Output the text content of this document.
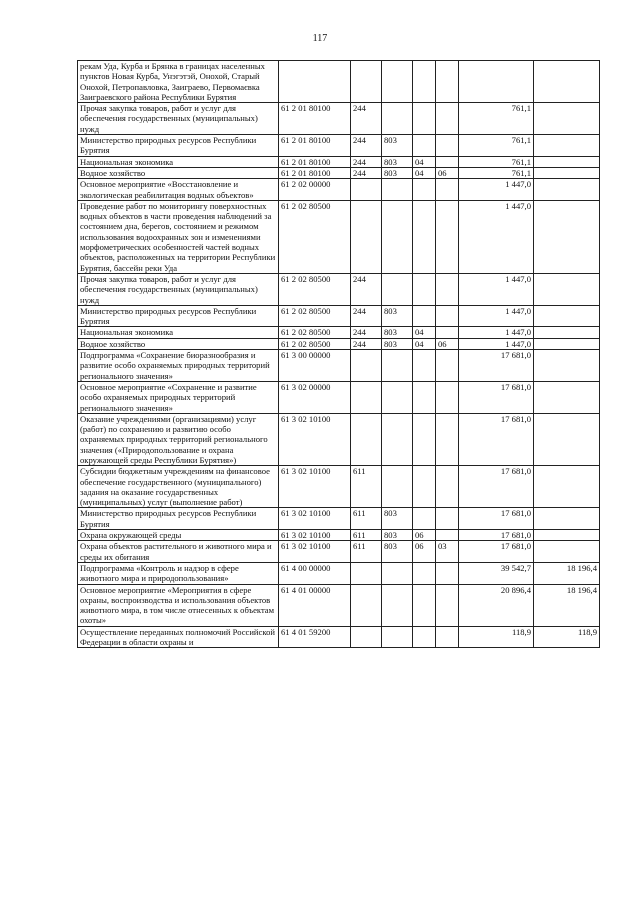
117
рекам Уда, Курба и Брянка в границах населенных пунктов Новая Курба, Унэгэтэй, Онохой, Старый Онохой, Петропавловка, Заиграево, Первомаєвка Заиграевского района Республики Бурятия							
Прочая закупка товаров, работ и услуг для обеспечения государственных (муниципальных) нужд	61 2 01 80100	244				761,1	
Министерство природных ресурсов Республики Бурятия	61 2 01 80100	244	803			761,1	
Национальная экономика	61 2 01 80100	244	803	04		761,1	
Водное хозяйство	61 2 01 80100	244	803	04	06	761,1	
Основное мероприятие «Восстановление и экологическая реабилитация водных объектов»	61 2 02 00000					1 447,0	
Проведение работ по мониторингу поверхностных водных объектов в части проведения наблюдений за состоянием дна, берегов, состоянием и режимом использования водоохранных зон и изменениями морфометрических особенностей частей водных объектов, расположенных на территории Республики Бурятия, бассейн реки Уда	61 2 02 80500					1 447,0	
Прочая закупка товаров, работ и услуг для обеспечения государственных (муниципальных) нужд	61 2 02 80500	244				1 447,0	
Министерство природных ресурсов Республики Бурятия	61 2 02 80500	244	803			1 447,0	
Национальная экономика	61 2 02 80500	244	803	04		1 447,0	
Водное хозяйство	61 2 02 80500	244	803	04	06	1 447,0	
Подпрограмма «Сохранение биоразнообразия и развитие особо охраняемых природных территорий регионального значения»	61 3 00 00000					17 681,0	
Основное мероприятие «Сохранение и развитие особо охраняемых природных территорий регионального значения»	61 3 02 00000					17 681,0	
Оказание учреждениями (организациями) услуг (работ) по сохранению и развитию особо охраняемых природных территорий регионального значения («Природопользование и охрана окружающей среды Республики Бурятия»)	61 3 02 10100					17 681,0	
Субсидии бюджетным учреждениям на финансовое обеспечение государственного (муниципального) задания на оказание государственных (муниципальных) услуг (выполнение работ)	61 3 02 10100	611				17 681,0	
Министерство природных ресурсов Республики Бурятия	61 3 02 10100	611	803			17 681,0	
Охрана окружающей среды	61 3 02 10100	611	803	06		17 681,0	
Охрана объектов растительного и животного мира и среды их обитания	61 3 02 10100	611	803	06	03	17 681,0	
Подпрограмма «Контроль и надзор в сфере животного мира и природопользования»	61 4 00 00000					39 542,7	18 196,4
Основное мероприятие «Мероприятия в сфере охраны, воспроизводства и использования объектов животного мира, в том числе отнесенных к объектам охоты»	61 4 01 00000					20 896,4	18 196,4
Осуществление переданных полномочий Российской Федерации в области охраны и	61 4 01 59200					118,9	118,9
